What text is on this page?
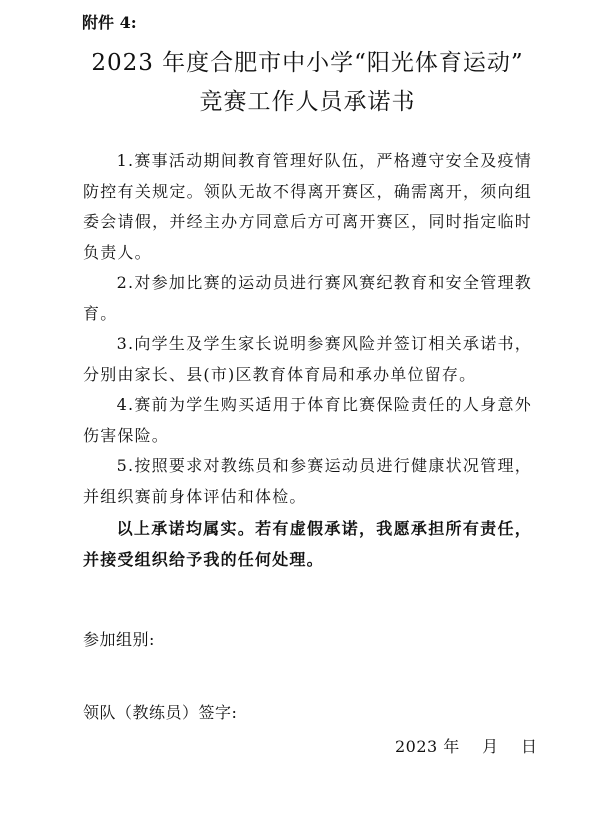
附件 4:
2023 年度合肥市中小学“阳光体育运动”
竞赛工作人员承诺书

1.赛事活动期间教育管理好队伍，严格遵守安全及疫情防控有关规定。领队无故不得离开赛区，确需离开，须向组委会请假，并经主办方同意后方可离开赛区，同时指定临时负责人。

2.对参加比赛的运动员进行赛风赛纪教育和安全管理教育。

3.向学生及学生家长说明参赛风险并签订相关承诺书，分别由家长、县(市)区教育体育局和承办单位留存。

4.赛前为学生购买适用于体育比赛保险责任的人身意外伤害保险。

5.按照要求对教练员和参赛运动员进行健康状况管理，并组织赛前身体评估和体检。

以上承诺均属实。若有虚假承诺，我愿承担所有责任，并接受组织给予我的任何处理。

参加组别:
领队（教练员）签字:
2023 年    月    日
